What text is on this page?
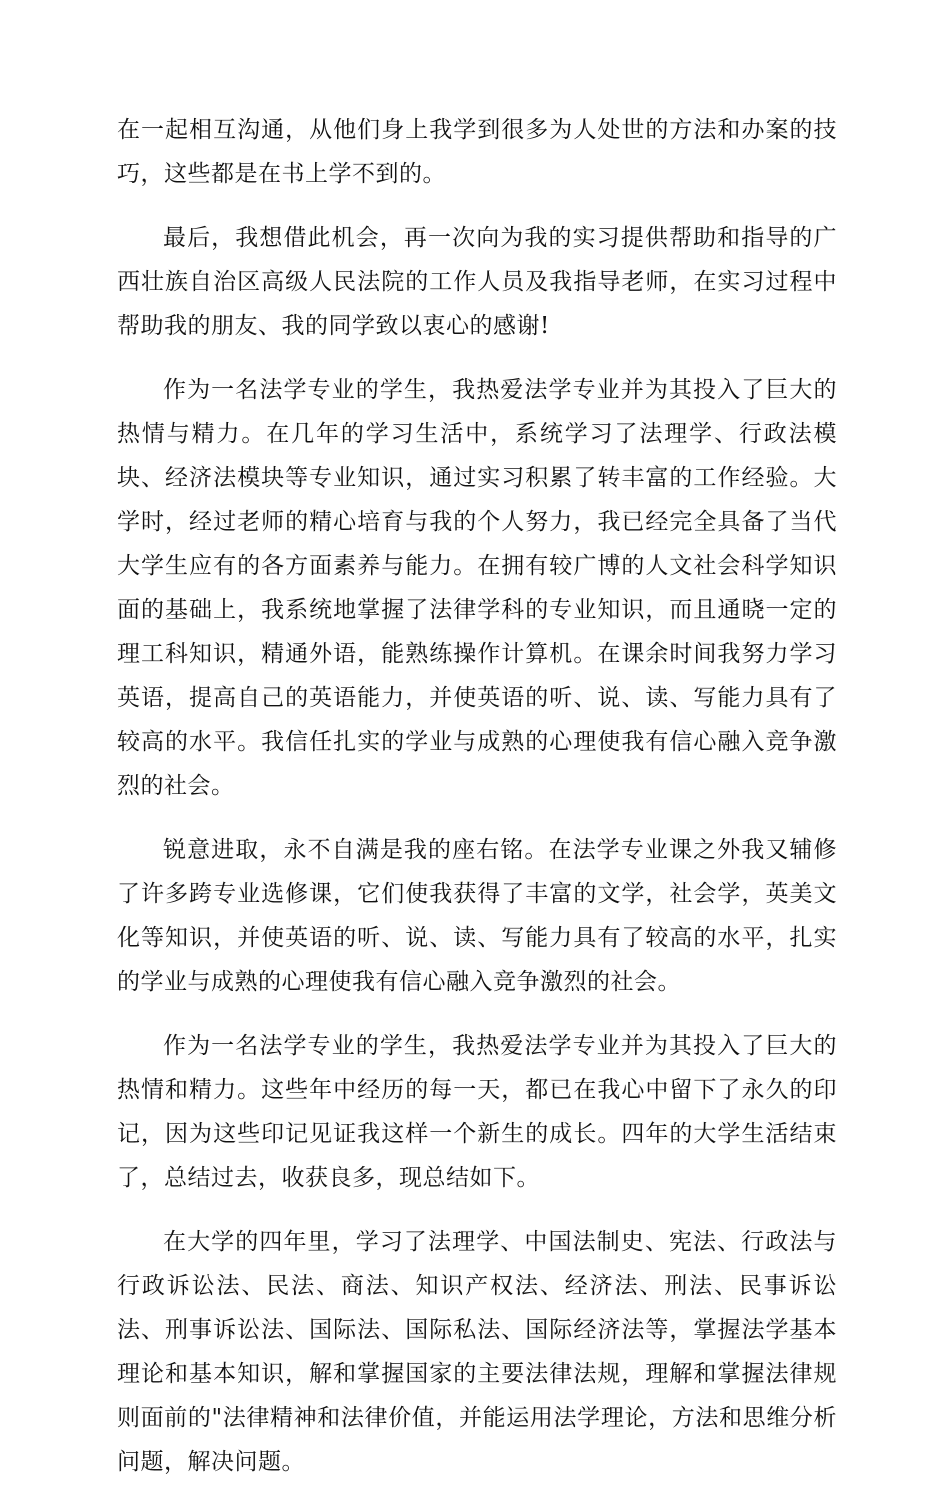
在一起相互沟通，从他们身上我学到很多为人处世的方法和办案的技巧，这些都是在书上学不到的。

最后，我想借此机会，再一次向为我的实习提供帮助和指导的广西壮族自治区高级人民法院的工作人员及我指导老师，在实习过程中帮助我的朋友、我的同学致以衷心的感谢!

作为一名法学专业的学生，我热爱法学专业并为其投入了巨大的热情与精力。在几年的学习生活中，系统学习了法理学、行政法模块、经济法模块等专业知识，通过实习积累了转丰富的工作经验。大学时，经过老师的精心培育与我的个人努力，我已经完全具备了当代大学生应有的各方面素养与能力。在拥有较广博的人文社会科学知识面的基础上，我系统地掌握了法律学科的专业知识，而且通晓一定的理工科知识，精通外语，能熟练操作计算机。在课余时间我努力学习英语，提高自己的英语能力，并使英语的听、说、读、写能力具有了较高的水平。我信任扎实的学业与成熟的心理使我有信心融入竞争激烈的社会。

锐意进取，永不自满是我的座右铭。在法学专业课之外我又辅修了许多跨专业选修课，它们使我获得了丰富的文学，社会学，英美文化等知识，并使英语的听、说、读、写能力具有了较高的水平，扎实的学业与成熟的心理使我有信心融入竞争激烈的社会。

作为一名法学专业的学生，我热爱法学专业并为其投入了巨大的热情和精力。这些年中经历的每一天，都已在我心中留下了永久的印记，因为这些印记见证我这样一个新生的成长。四年的大学生活结束了，总结过去，收获良多，现总结如下。

在大学的四年里，学习了法理学、中国法制史、宪法、行政法与行政诉讼法、民法、商法、知识产权法、经济法、刑法、民事诉讼法、刑事诉讼法、国际法、国际私法、国际经济法等，掌握法学基本理论和基本知识，解和掌握国家的主要法律法规，理解和掌握法律规则面前的"法律精神和法律价值，并能运用法学理论，方法和思维分析问题，解决问题。
